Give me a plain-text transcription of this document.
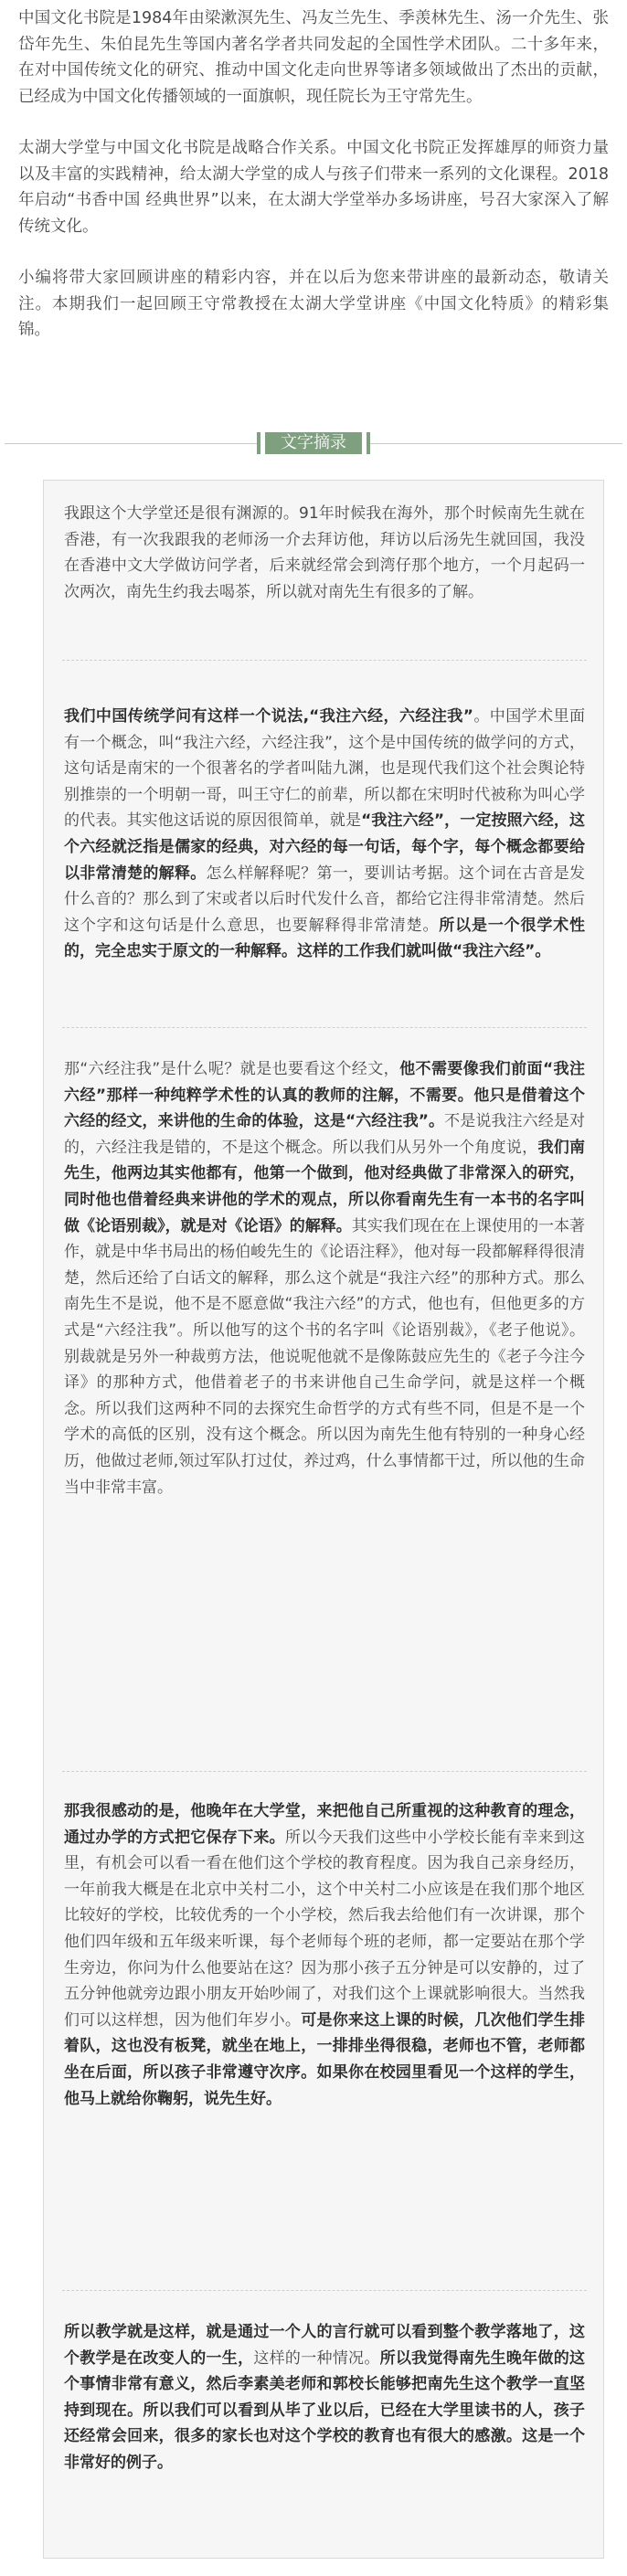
中国文化书院是1984年由梁漱溟先生、冯友兰先生、季羡林先生、汤一介先生、张岱年先生、朱伯昆先生等国内著名学者共同发起的全国性学术团队。二十多年来，在对中国传统文化的研究、推动中国文化走向世界等诸多领域做出了杰出的贡献，已经成为中国文化传播领域的一面旗帜，现任院长为王守常先生。

太湖大学堂与中国文化书院是战略合作关系。中国文化书院正发挥雄厚的师资力量以及丰富的实践精神，给太湖大学堂的成人与孩子们带来一系列的文化课程。2018年启动“书香中国 经典世界”以来，在太湖大学堂举办多场讲座，号召大家深入了解传统文化。

小编将带大家回顾讲座的精彩内容，并在以后为您来带讲座的最新动态，敬请关注。本期我们一起回顾王守常教授在太湖大学堂讲座《中国文化特质》的精彩集锦。

文字摘录

我跟这个大学堂还是很有渊源的。91年时候我在海外，那个时候南先生就在香港，有一次我跟我的老师汤一介去拜访他，拜访以后汤先生就回国，我没在香港中文大学做访问学者，后来就经常会到湾仔那个地方，一个月起码一次两次，南先生约我去喝茶，所以就对南先生有很多的了解。

我们中国传统学问有这样一个说法,“我注六经，六经注我”。中国学术里面有一个概念，叫“我注六经，六经注我”，这个是中国传统的做学问的方式，这句话是南宋的一个很著名的学者叫陆九渊，也是现代我们这个社会舆论特别推崇的一个明朝一哥，叫王守仁的前辈，所以都在宋明时代被称为叫心学的代表。其实他这话说的原因很简单，就是“我注六经”，一定按照六经，这个六经就泛指是儒家的经典，对六经的每一句话，每个字，每个概念都要给以非常清楚的解释。怎么样解释呢？第一，要训诂考据。这个词在古音是发什么音的？那么到了宋或者以后时代发什么音，都给它注得非常清楚。然后这个字和这句话是什么意思，也要解释得非常清楚。所以是一个很学术性的，完全忠实于原文的一种解释。这样的工作我们就叫做“我注六经”。

那“六经注我”是什么呢？就是也要看这个经文，他不需要像我们前面“我注六经”那样一种纯粹学术性的认真的教师的注解，不需要。他只是借着这个六经的经文，来讲他的生命的体验，这是“六经注我”。不是说我注六经是对的，六经注我是错的，不是这个概念。所以我们从另外一个角度说，我们南先生，他两边其实他都有，他第一个做到，他对经典做了非常深入的研究，同时他也借着经典来讲他的学术的观点，所以你看南先生有一本书的名字叫做《论语别裁》，就是对《论语》的解释。其实我们现在在上课使用的一本著作，就是中华书局出的杨伯峻先生的《论语注释》，他对每一段都解释得很清楚，然后还给了白话文的解释，那么这个就是“我注六经”的那种方式。那么南先生不是说，他不是不愿意做“我注六经”的方式，他也有，但他更多的方式是“六经注我”。所以他写的这个书的名字叫《论语别裁》，《老子他说》。别裁就是另外一种裁剪方法，他说呢他就不是像陈鼓应先生的《老子今注今译》的那种方式，他借着老子的书来讲他自己生命学问，就是这样一个概念。所以我们这两种不同的去探究生命哲学的方式有些不同，但是不是一个学术的高低的区别，没有这个概念。所以因为南先生他有特别的一种身心经历，他做过老师,领过军队打过仗，养过鸡，什么事情都干过，所以他的生命当中非常丰富。

那我很感动的是，他晚年在大学堂，来把他自己所重视的这种教育的理念，通过办学的方式把它保存下来。所以今天我们这些中小学校长能有幸来到这里，有机会可以看一看在他们这个学校的教育程度。因为我自己亲身经历，一年前我大概是在北京中关村二小，这个中关村二小应该是在我们那个地区比较好的学校，比较优秀的一个小学校，然后我去给他们有一次讲课，那个他们四年级和五年级来听课，每个老师每个班的老师，都一定要站在那个学生旁边，你问为什么他要站在这？因为那小孩子五分钟是可以安静的，过了五分钟他就旁边跟小朋友开始吵闹了，对我们这个上课就影响很大。当然我们可以这样想，因为他们年岁小。可是你来这上课的时候，几次他们学生排着队，这也没有板凳，就坐在地上，一排排坐得很稳，老师也不管，老师都坐在后面，所以孩子非常遵守次序。如果你在校园里看见一个这样的学生，他马上就给你鞠躬，说先生好。

所以教学就是这样，就是通过一个人的言行就可以看到整个教学落地了，这个教学是在改变人的一生，这样的一种情况。所以我觉得南先生晚年做的这个事情非常有意义，然后李素美老师和郭校长能够把南先生这个教学一直坚持到现在。所以我们可以看到从毕了业以后，已经在大学里读书的人，孩子还经常会回来，很多的家长也对这个学校的教育也有很大的感激。这是一个非常好的例子。
